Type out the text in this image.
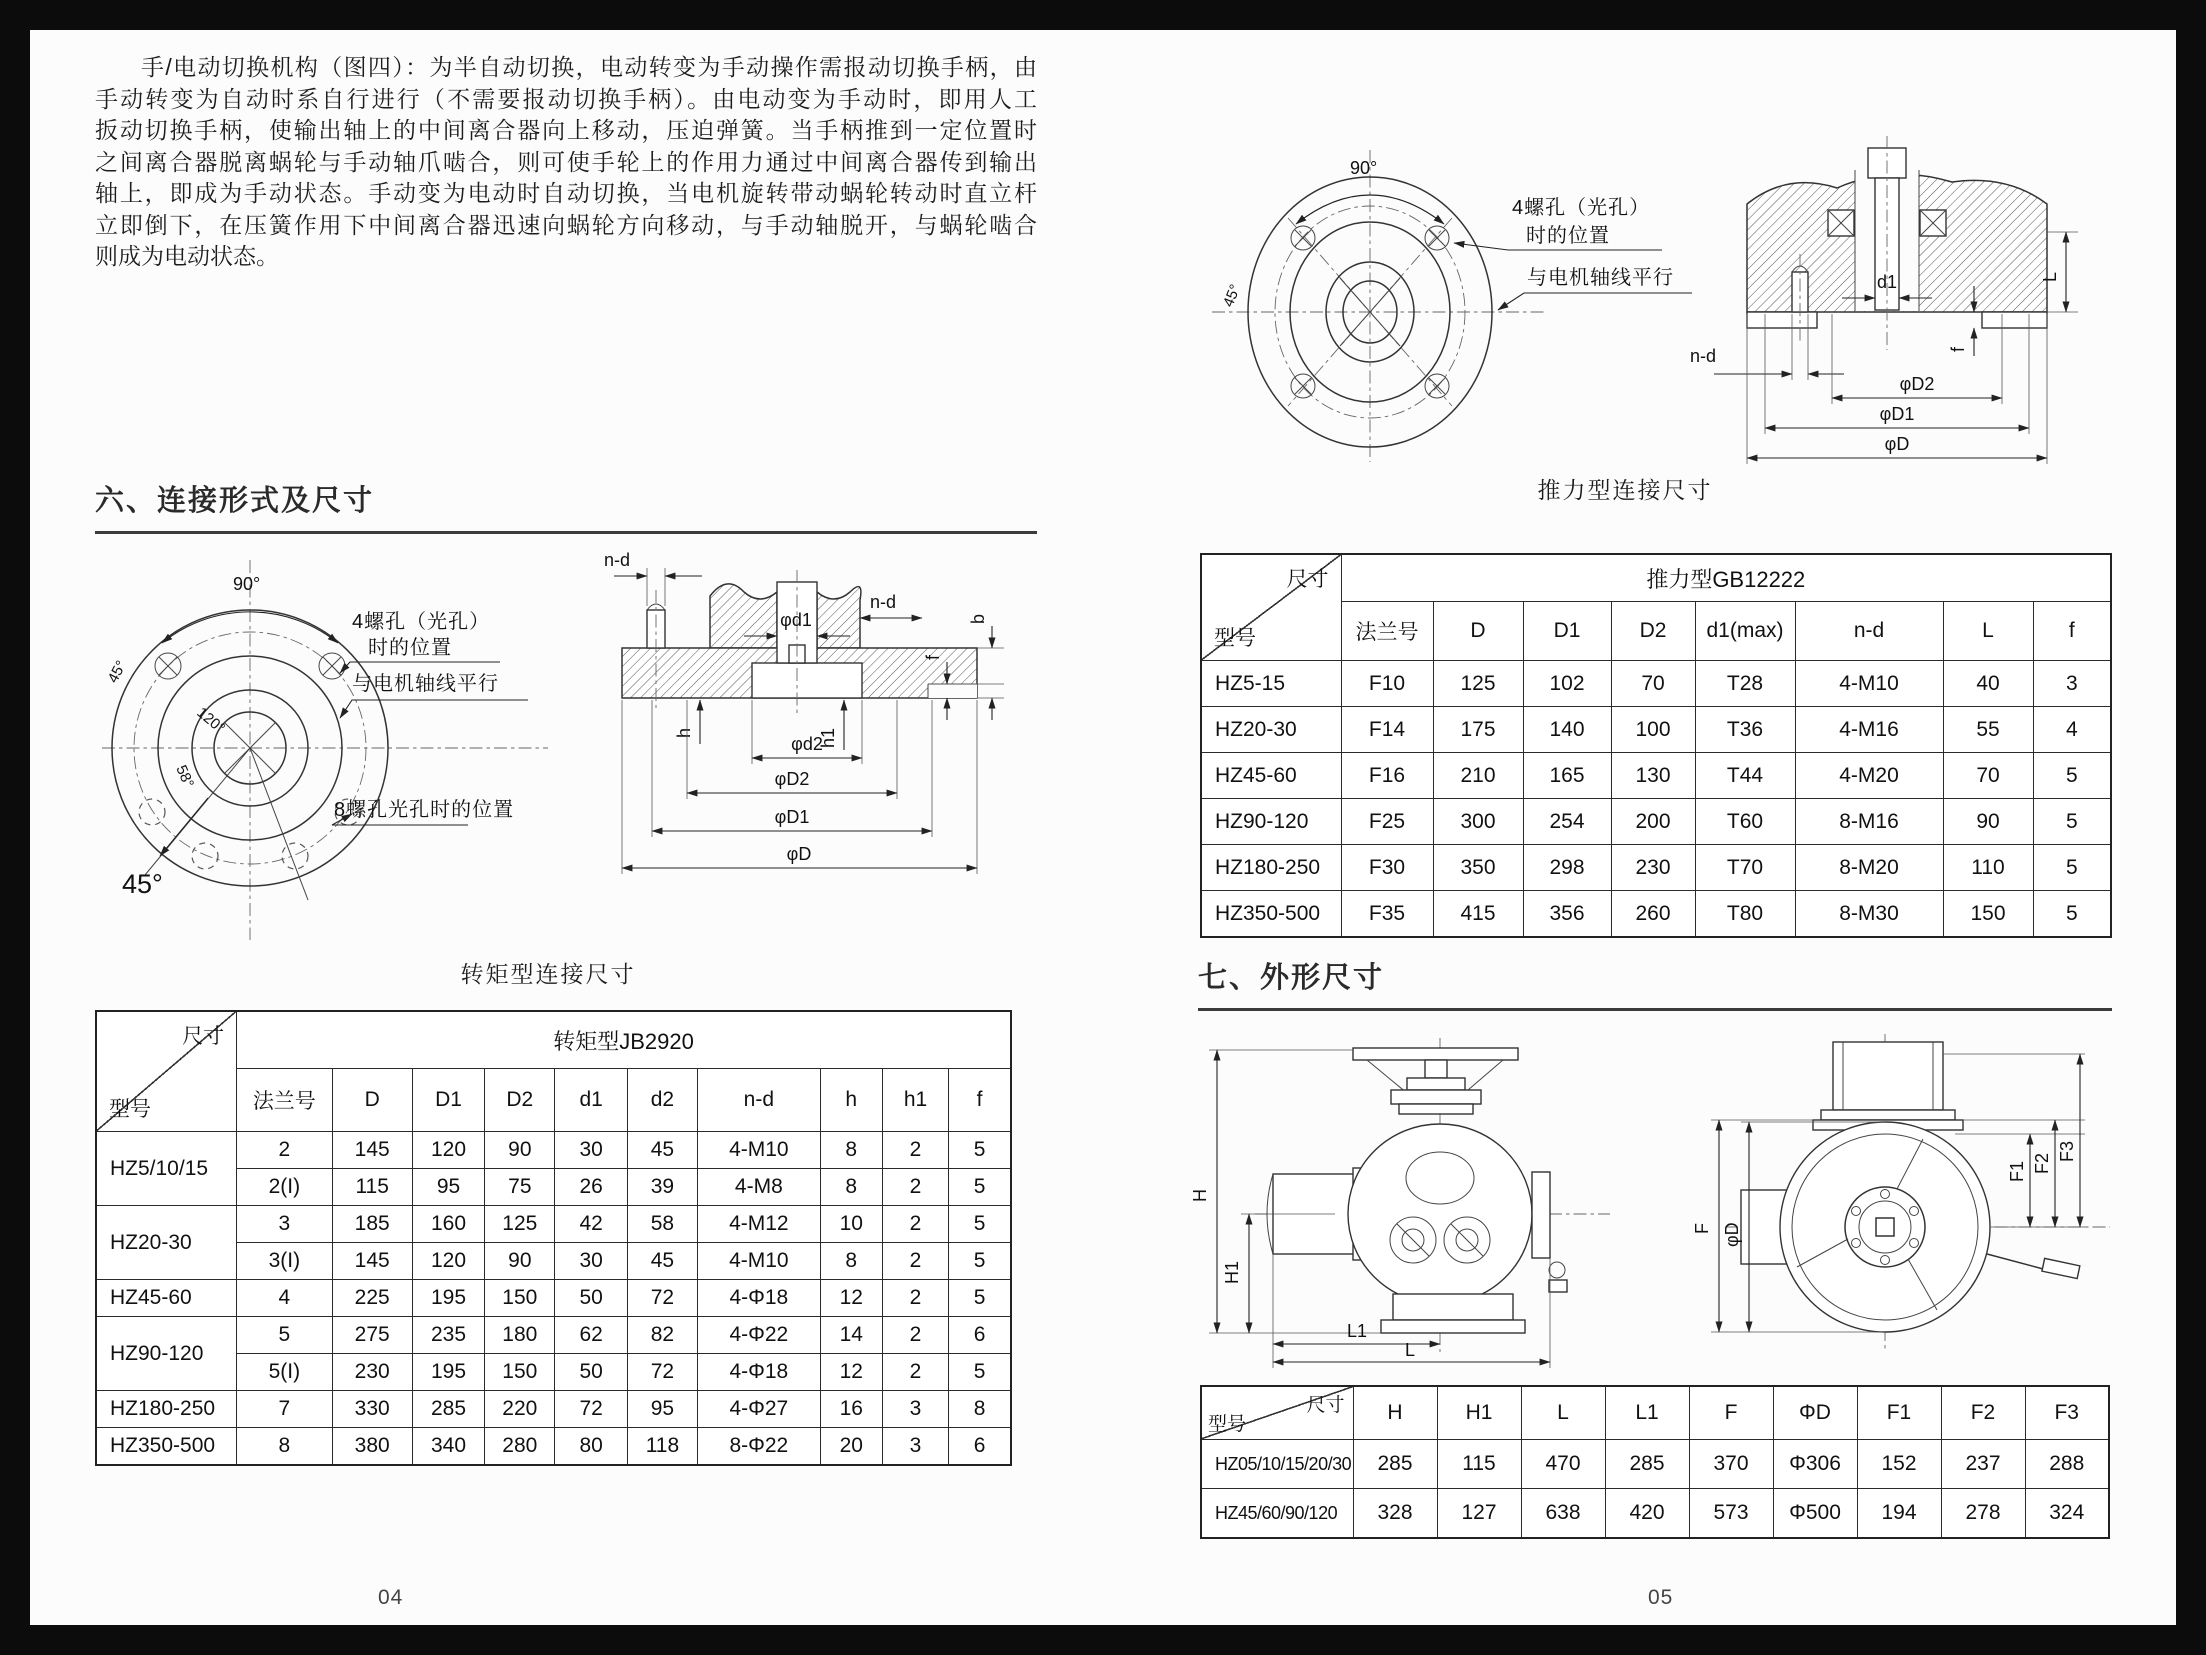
手/电动切换机构（图四）：为半自动切换，电动转变为手动操作需报动切换手柄，由
手动转变为自动时系自行进行（不需要报动切换手柄）。由电动变为手动时，即用人工
扳动切换手柄，使输出轴上的中间离合器向上移动，压迫弹簧。当手柄推到一定位置时
之间离合器脱离蜗轮与手动轴爪啮合，则可使手轮上的作用力通过中间离合器传到输出
轴上，即成为手动状态。手动变为电动时自动切换，当电机旋转带动蜗轮转动时直立杆
立即倒下，在压簧作用下中间离合器迅速向蜗轮方向移动，与手动轴脱开，与蜗轮啮合
则成为电动状态。
六、连接形式及尺寸
90°
45°
120°
58°
45°
4螺孔（光孔）
时的位置
与电机轴线平行
8螺孔光孔时的位置
n-d
φd1
n-d
h	h1
φd2
φD2
φD1
φD
f
b
转矩型连接尺寸
尺寸
型号	转矩型JB2920									
	法兰号	D	D1	D2	d1	d2	n-d	h	h1	f
HZ5/10/15	2	145	120	90	30	45	4-M10	8	2	5
	2(I)	115	95	75	26	39	4-M8	8	2	5
HZ20-30	3	185	160	125	42	58	4-M12	10	2	5
	3(I)	145	120	90	30	45	4-M10	8	2	5
HZ45-60	4	225	195	150	50	72	4-Φ18	12	2	5
HZ90-120	5	275	235	180	62	82	4-Φ22	14	2	6
	5(I)	230	195	150	50	72	4-Φ18	12	2	5
HZ180-250	7	330	285	220	72	95	4-Φ27	16	3	8
HZ350-500	8	380	340	280	80	118	8-Φ22	20	3	6
04
90°
45°
4螺孔（光孔）
时的位置
与电机轴线平行	d1	L
f
n-d
φD2
φD1
φD
推力型连接尺寸
尺寸
型号	推力型GB12222							
	法兰号	D	D1	D2	d1(max)	n-d	L	f
HZ5-15	F10	125	102	70	T28	4-M10	40	3
HZ20-30	F14	175	140	100	T36	4-M16	55	4
HZ45-60	F16	210	165	130	T44	4-M20	70	5
HZ90-120	F25	300	254	200	T60	8-M16	90	5
HZ180-250	F30	350	298	230	T70	8-M20	110	5
HZ350-500	F35	415	356	260	T80	8-M30	150	5
七、外形尺寸
H
H1
L1
L
F φD
F1 F2
F3
尺寸
型号	H	H1	L	L1	F	ΦD	F1	F2	F3
HZ05/10/15/20/30	285	115	470	285	370	Φ306	152	237	288
HZ45/60/90/120	328	127	638	420	573	Φ500	194	278	324
05
